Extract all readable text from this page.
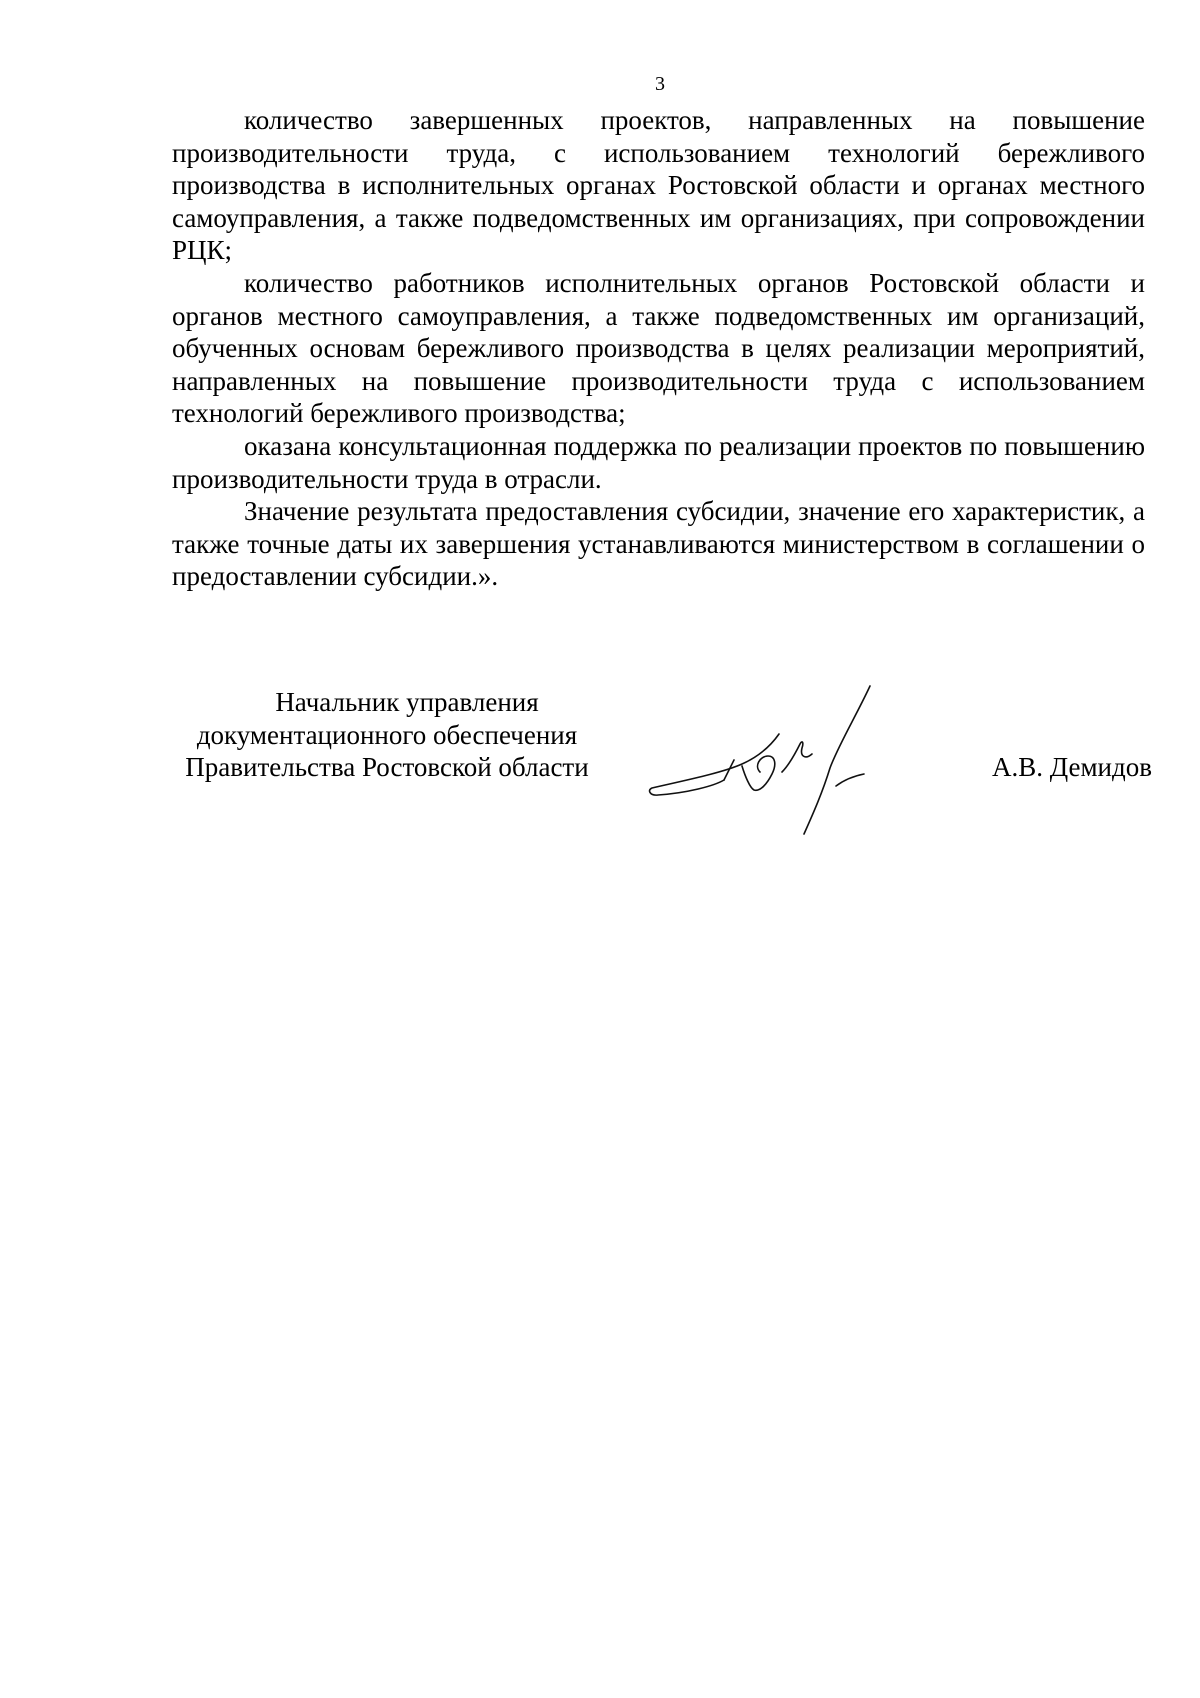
3

количество завершенных проектов, направленных на повышение производительности труда, с использованием технологий бережливого производства в исполнительных органах Ростовской области и органах местного самоуправления, а также подведомственных им организациях, при сопровождении РЦК;

количество работников исполнительных органов Ростовской области и органов местного самоуправления, а также подведомственных им организаций, обученных основам бережливого производства в целях реализации мероприятий, направленных на повышение производительности труда с использованием технологий бережливого производства;

оказана консультационная поддержка по реализации проектов по повышению производительности труда в отрасли.

Значение результата предоставления субсидии, значение его характеристик, а также точные даты их завершения устанавливаются министерством в соглашении о предоставлении субсидии.».

Начальник управления
документационного обеспечения
Правительства Ростовской области	А.В. Демидов
